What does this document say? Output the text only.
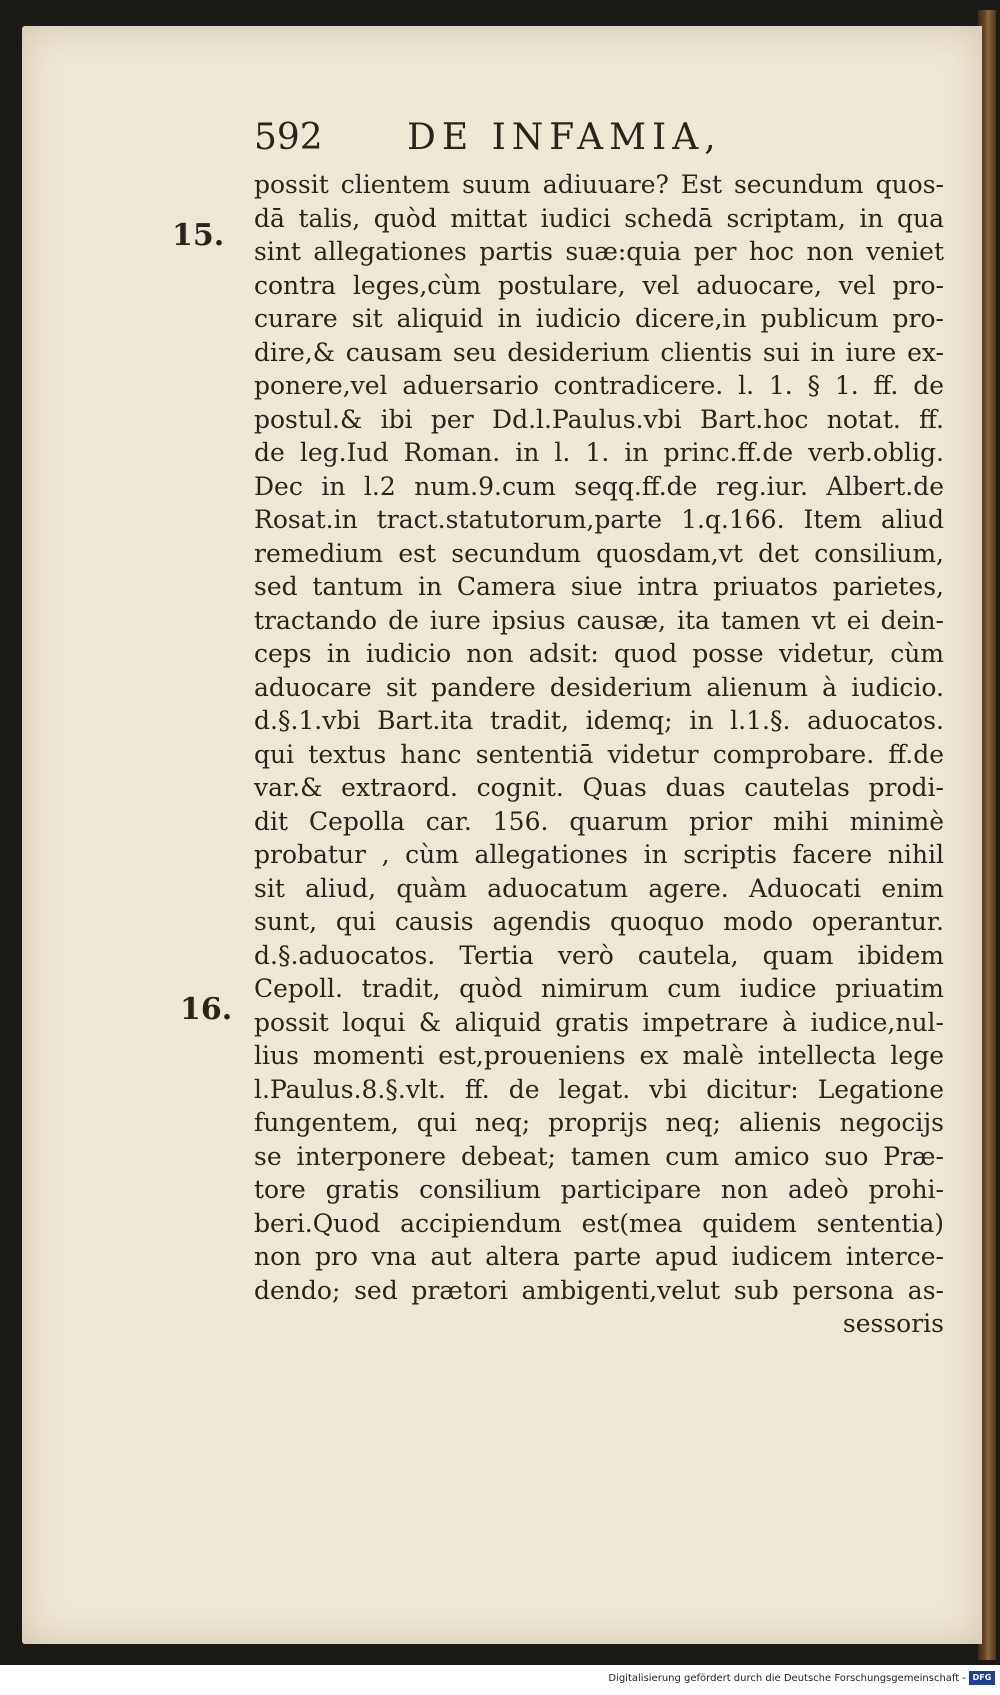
592 DE INFAMIA,
15.
16.
possit clientem suum adiuuare? Est secundum quos-
dā talis, quòd mittat iudici schedā scriptam, in qua
sint allegationes partis suæ:quia per hoc non veniet
contra leges,cùm postulare, vel aduocare, vel pro-
curare sit aliquid in iudicio dicere,in publicum pro-
dire,& causam seu desiderium clientis sui in iure ex-
ponere,vel aduersario contradicere. l. 1. § 1. ff. de
postul.& ibi per Dd.l.Paulus.vbi Bart.hoc notat. ff.
de leg.Iud Roman. in l. 1. in princ.ff.de verb.oblig.
Dec in l.2 num.9.cum seqq.ff.de reg.iur. Albert.de
Rosat.in tract.statutorum,parte 1.q.166. Item aliud
remedium est secundum quosdam,vt det consilium,
sed tantum in Camera siue intra priuatos parietes,
tractando de iure ipsius causæ, ita tamen vt ei dein-
ceps in iudicio non adsit: quod posse videtur, cùm
aduocare sit pandere desiderium alienum à iudicio.
d.§.1.vbi Bart.ita tradit, idemq; in l.1.§. aduocatos.
qui textus hanc sententiā videtur comprobare. ff.de
var.& extraord. cognit. Quas duas cautelas prodi-
dit Cepolla car. 156. quarum prior mihi minimè
probatur , cùm allegationes in scriptis facere nihil
sit aliud, quàm aduocatum agere. Aduocati enim
sunt, qui causis agendis quoquo modo operantur.
d.§.aduocatos. Tertia verò cautela, quam ibidem
Cepoll. tradit, quòd nimirum cum iudice priuatim
possit loqui & aliquid gratis impetrare à iudice,nul-
lius momenti est,proueniens ex malè intellecta lege
l.Paulus.8.§.vlt. ff. de legat. vbi dicitur: Legatione
fungentem, qui neq; proprijs neq; alienis negocijs
se interponere debeat; tamen cum amico suo Præ-
tore gratis consilium participare non adeò prohi-
beri.Quod accipiendum est(mea quidem sententia)
non pro vna aut altera parte apud iudicem interce-
dendo; sed prætori ambigenti,velut sub persona as-
sessoris
Digitalisierung gefördert durch die Deutsche Forschungsgemeinschaft - DFG
